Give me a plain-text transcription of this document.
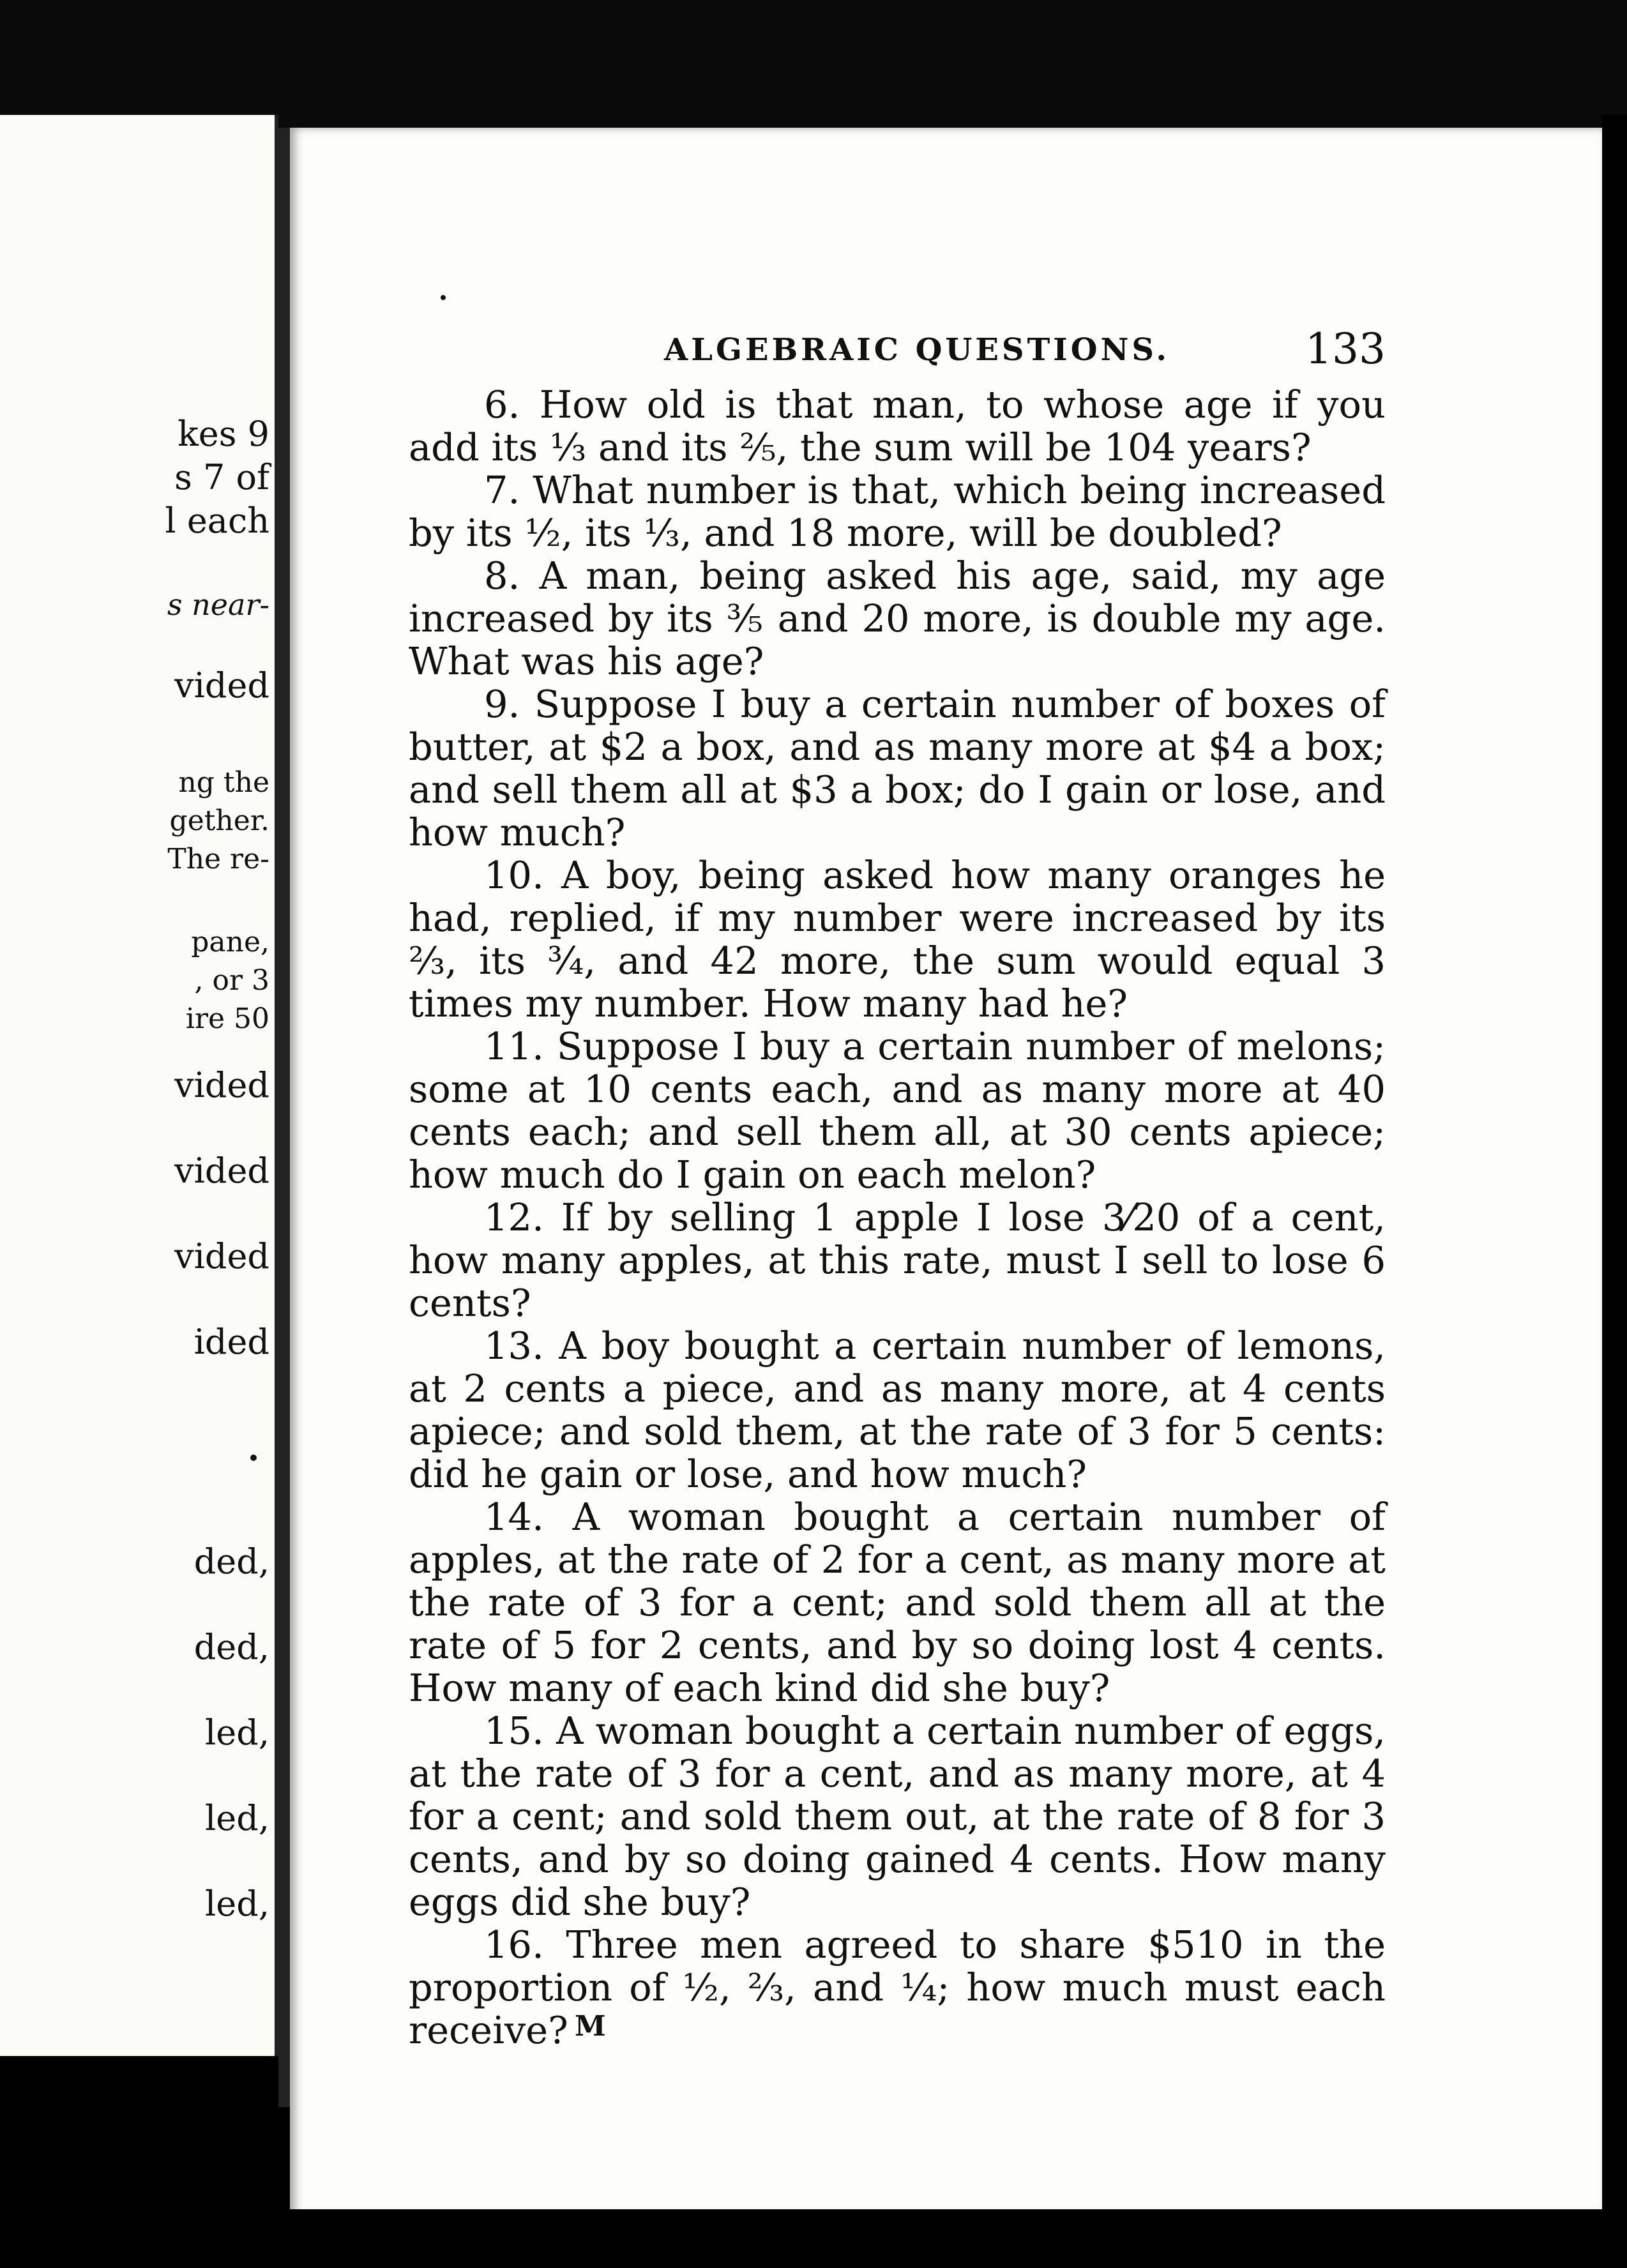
kes 9
s 7 of
l each
s near-
vided
ng the
gether.
The re-
pane,
, or 3
ire 50
vided
vided
vided
ided
ded,
ded,
led,
led,
led,
ALGEBRAIC QUESTIONS.	133

6. How old is that man, to whose age if you add its ⅓ and its ⅖, the sum will be 104 years?

7. What number is that, which being increased by its ½, its ⅓, and 18 more, will be doubled?

8. A man, being asked his age, said, my age increased by its ⅗ and 20 more, is double my age. What was his age?

9. Suppose I buy a certain number of boxes of butter, at $2 a box, and as many more at $4 a box; and sell them all at $3 a box; do I gain or lose, and how much?

10. A boy, being asked how many oranges he had, replied, if my number were increased by its ⅔, its ¾, and 42 more, the sum would equal 3 times my number. How many had he?

11. Suppose I buy a certain number of melons; some at 10 cents each, and as many more at 40 cents each; and sell them all, at 30 cents apiece; how much do I gain on each melon?

12. If by selling 1 apple I lose 3⁄20 of a cent, how many apples, at this rate, must I sell to lose 6 cents?

13. A boy bought a certain number of lemons, at 2 cents a piece, and as many more, at 4 cents apiece; and sold them, at the rate of 3 for 5 cents: did he gain or lose, and how much?

14. A woman bought a certain number of apples, at the rate of 2 for a cent, as many more at the rate of 3 for a cent; and sold them all at the rate of 5 for 2 cents, and by so doing lost 4 cents. How many of each kind did she buy?

15. A woman bought a certain number of eggs, at the rate of 3 for a cent, and as many more, at 4 for a cent; and sold them out, at the rate of 8 for 3 cents, and by so doing gained 4 cents. How many eggs did she buy?

16. Three men agreed to share $510 in the proportion of ½, ⅔, and ¼; how much must each receive? M
